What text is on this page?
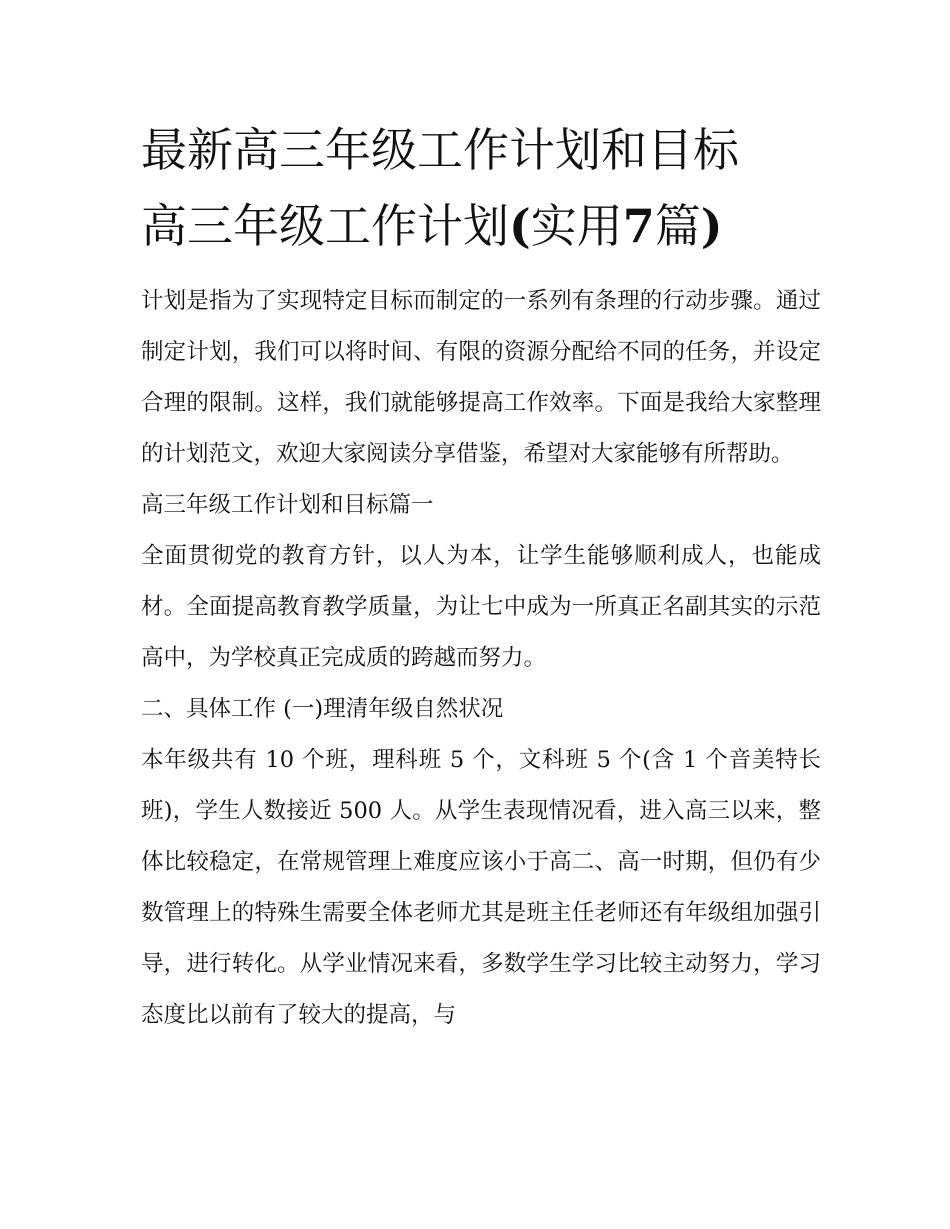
最新高三年级工作计划和目标
高三年级工作计划(实用7篇)

计划是指为了实现特定目标而制定的一系列有条理的行动步骤。通过制定计划，我们可以将时间、有限的资源分配给不同的任务，并设定合理的限制。这样，我们就能够提高工作效率。下面是我给大家整理的计划范文，欢迎大家阅读分享借鉴，希望对大家能够有所帮助。

高三年级工作计划和目标篇一

全面贯彻党的教育方针，以人为本，让学生能够顺利成人，也能成材。全面提高教育教学质量，为让七中成为一所真正名副其实的示范高中，为学校真正完成质的跨越而努力。

二、具体工作 (一)理清年级自然状况

本年级共有 10 个班，理科班 5 个，文科班 5 个(含 1 个音美特长班)，学生人数接近 500 人。从学生表现情况看，进入高三以来，整体比较稳定，在常规管理上难度应该小于高二、高一时期，但仍有少数管理上的特殊生需要全体老师尤其是班主任老师还有年级组加强引导，进行转化。从学业情况来看，多数学生学习比较主动努力，学习态度比以前有了较大的提高，与
